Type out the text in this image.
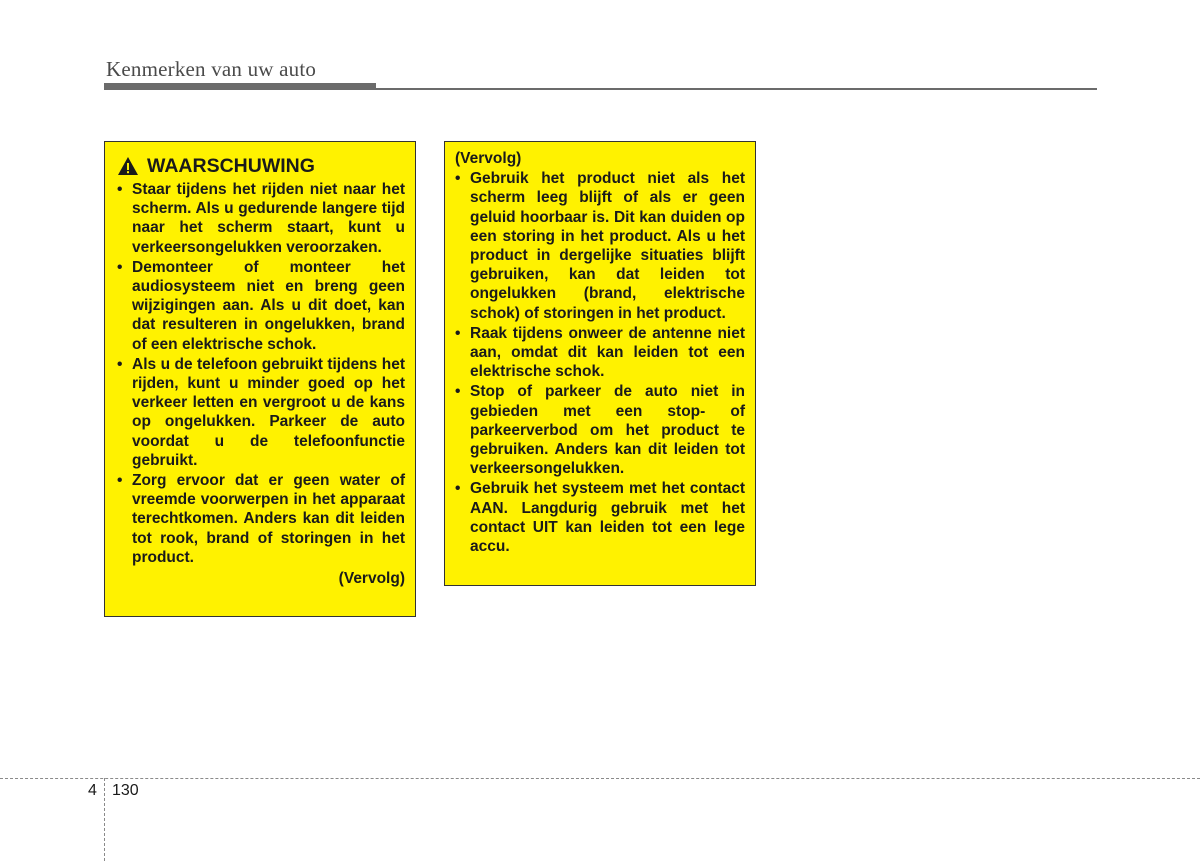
Kenmerken van uw auto
WAARSCHUWING
• Staar tijdens het rijden niet naar het scherm. Als u gedurende langere tijd naar het scherm staart, kunt u verkeersongelukken veroorzaken.
• Demonteer of monteer het audiosysteem niet en breng geen wijzigingen aan. Als u dit doet, kan dat resulteren in ongelukken, brand of een elektrische schok.
• Als u de telefoon gebruikt tijdens het rijden, kunt u minder goed op het verkeer letten en vergroot u de kans op ongelukken. Parkeer de auto voordat u de telefoonfunctie gebruikt.
• Zorg ervoor dat er geen water of vreemde voorwerpen in het apparaat terechtkomen. Anders kan dit leiden tot rook, brand of storingen in het product.
(Vervolg)
(Vervolg)
• Gebruik het product niet als het scherm leeg blijft of als er geen geluid hoorbaar is. Dit kan duiden op een storing in het product. Als u het product in dergelijke situaties blijft gebruiken, kan dat leiden tot ongelukken (brand, elektrische schok) of storingen in het product.
• Raak tijdens onweer de antenne niet aan, omdat dit kan leiden tot een elektrische schok.
• Stop of parkeer de auto niet in gebieden met een stop- of parkeerverbod om het product te gebruiken. Anders kan dit leiden tot verkeersongelukken.
• Gebruik het systeem met het contact AAN. Langdurig gebruik met het contact UIT kan leiden tot een lege accu.
4 130
